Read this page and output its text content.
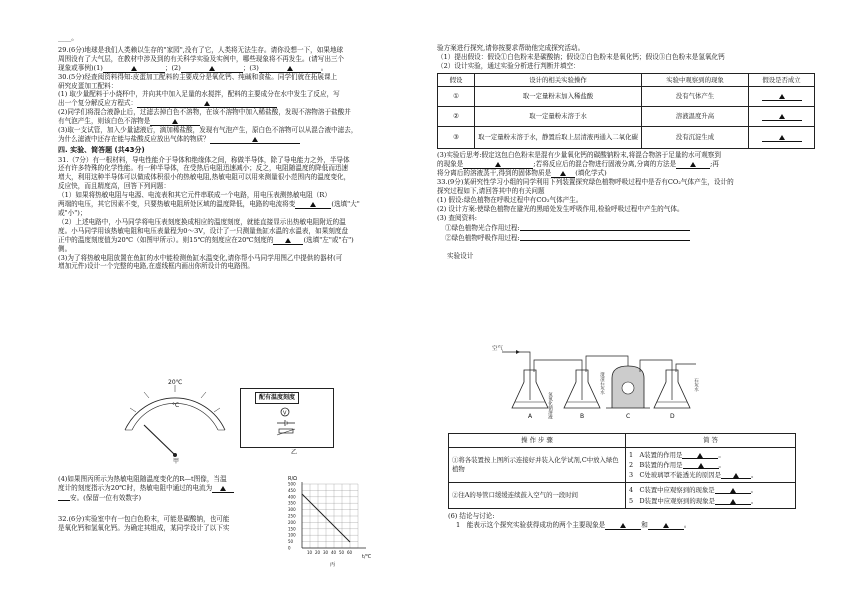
____。

29.(6分)地球是我们人类赖以生存的"家园",没有了它，人类将无法生存。请你设想一下，如果地球

周围没有了大气层，在教材中涉及到的有关科学实验及实例中，哪些现象将不再发生。(请写出三个

现象或事例)(1)	；(2)	；(3)	。

30.(5分)经查阅资料得知:皮蛋加工配料的主要成分是氧化钙、纯碱和食盐。同学们就在拓展课上

研究皮蛋加工配料：

(1) 取少量配料于小烧杯中，并向其中加入足量的水搅拌，配料的主要成分在水中发生了反应，写

出一个复分解反应方程式：

(2)同学们将混合液静止后，过滤去掉白色不溶物，在该不溶物中加入稀盐酸，发现不溶物溶于盐酸并

有气泡产生，则该白色不溶物是

(3)取一支试管，加入少量滤液后，滴加稀盐酸，发现有气泡产生，原白色不溶物可以从混合液中滤去，

为什么滤液中还存在能与盐酸反应放出气体的物质？

四. 实验、简答题 (共43分)

31.（7分）有一根材料，导电性能介于导体和绝缘体之间，称做半导体，除了导电能力之外，半导体

还有许多特殊的化学性能。有一种半导体，在受热后电阻迅速减小；反之，电阻随温度的降低而迅速

增大，利用这种半导体可以做成体积很小的热敏电阻,热敏电阻可以用来测量很小范围内的温度变化，

反应快，而且精度高，回答下列问题：

（1）如果将热敏电阻与电源、电流表和其它元件串联成一个电路，用电压表测热敏电阻（R）

两端的电压，其它因素不变，只要热敏电阻所处区域的温度降低，电路的电流将变	(选填"大"

或"小")；

（2）上述电路中，小马同学将电压表刻度换成相应的温度刻度，就能直接显示出热敏电阻附近的温

度。小马同学用该热敏电阻和电压表量程为0～3V，设计了一只测量鱼缸水温的水温表，如果刻度盘

正中的温度刻度值为20℃（如图甲所示）。则15℃的刻度应在20℃刻度的	(选填"左"或"右")

侧。

(3)为了将热敏电阻放置在鱼缸的水中能检测鱼缸水温变化,请你帮小马同学用图乙中提供的器材(可

增加元件)设计一个完整的电路,在虚线框内画出你所设计的电路图。

20℃
°C
甲
配有温度刻度
V
乙

(4)如果图丙所示为热敏电阻随温度变化的R—t图像，当温

度计的刻度指示为20℃时，热敏电阻中通过的电流为

安。(保留一位有效数字)

32.(6分)实验室中有一包白色粉末，可能是碳酸钠，也可能

是氧化钙和氢氧化钙。为确定其组成，某同学设计了以下实

R/Ω
500
450
400
350
300
250
200
150
100
50
0
10 20 30 40 50 60
t/℃
丙

验方案进行探究,请你按要求帮助他完成探究活动。

（1）提出假设：假设①白色粉末是碳酸钠；假设②白色粉末是氧化钙；假设③白色粉末是氢氧化钙

（2）设计实验，通过实验分析进行判断并填空：

假设	设计的相关实验操作	实验中观察到的现象	假设是否成立
①	取一定量粉末加入稀盐酸	没有气体产生	
②	取一定量粉末溶于水	溶液温度升高	
③	取一定量粉末溶于水，静置后取上层清液再通入二氧化碳	没有沉淀生成	

(3)实验后思考:假定这包白色粉末是混有少量氧化钙的碳酸钠粉末,将混合物溶于足量的水可观察到

的现象是	;若将反应后的混合物进行固液分离,分离的方法是	;再

将分离后的溶液蒸干,得到的固体物质是	(填化学式)

33.(9分)某研究性学习小组的同学利用下列装置探究绿色植物呼吸过程中是否有CO₂气体产生，设计的

探究过程如下,请回答其中的有关问题

(1) 假设:绿色植物在呼吸过程中有CO₂气体产生。

(2) 设计方案:使绿色植物在避光的黑暗处发生呼吸作用,检验呼吸过程中产生的气体。

(3) 查阅资料:

①绿色植物光合作用过程:

②绿色植物呼吸作用过程:

实验设计

空气
氢氧化钠溶液
澄清石灰水	石灰水
A	B	C	D
操 作 步 骤	简 答
①将各装置按上图所示连接好并装入化学试剂,C中放入绿色植物	1　A装置的作用是 。
2　B装置的作用是 。
3　C处玻璃罩不能透光的原因是 。

②往A的导管口缓缓连续鼓入空气的一段时间	4　C装置中应观察到的现象是 。
5　D装置中应观察到的现象是 。

(6) 结论与讨论:

1　能表示这个探究实验获得成功的两个主要现象是	和	。
